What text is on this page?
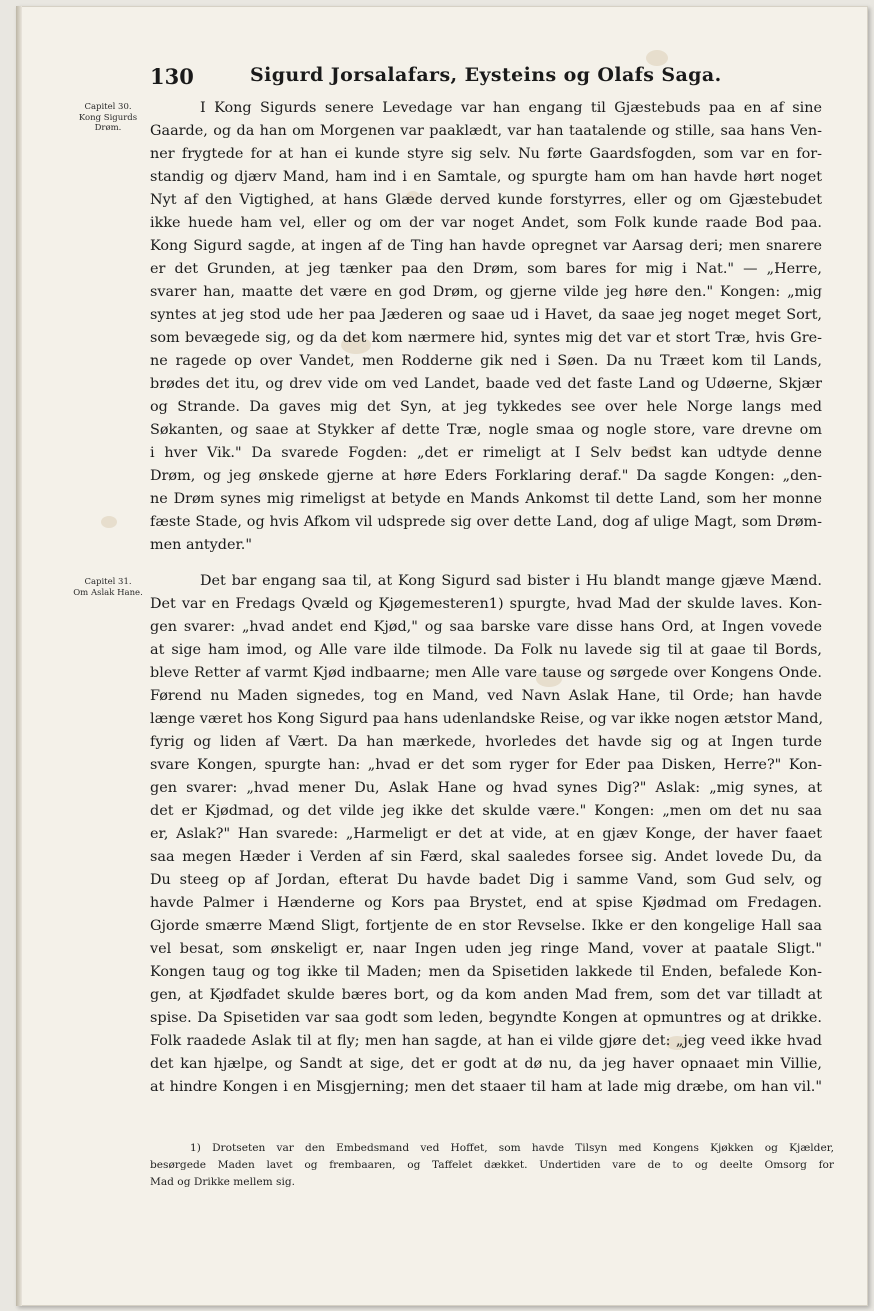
130	Sigurd Jorsalafars, Eysteins og Olafs Saga.
Capitel 30.
Kong Sigurds
Drøm.
Capitel 31.
Om Aslak Hane.
I Kong Sigurds senere Levedage var han engang til Gjæstebuds paa en af sine
Gaarde, og da han om Morgenen var paaklædt, var han taatalende og stille, saa hans Ven-
ner frygtede for at han ei kunde styre sig selv. Nu førte Gaardsfogden, som var en for-
standig og djærv Mand, ham ind i en Samtale, og spurgte ham om han havde hørt noget
Nyt af den Vigtighed, at hans Glæde derved kunde forstyrres, eller og om Gjæstebudet
ikke huede ham vel, eller og om der var noget Andet, som Folk kunde raade Bod paa.
Kong Sigurd sagde, at ingen af de Ting han havde opregnet var Aarsag deri; men snarere
er det Grunden, at jeg tænker paa den Drøm, som bares for mig i Nat." — „Herre,
svarer han, maatte det være en god Drøm, og gjerne vilde jeg høre den." Kongen: „mig
syntes at jeg stod ude her paa Jæderen og saae ud i Havet, da saae jeg noget meget Sort,
som bevægede sig, og da det kom nærmere hid, syntes mig det var et stort Træ, hvis Gre-
ne ragede op over Vandet, men Rodderne gik ned i Søen. Da nu Træet kom til Lands,
brødes det itu, og drev vide om ved Landet, baade ved det faste Land og Udøerne, Skjær
og Strande. Da gaves mig det Syn, at jeg tykkedes see over hele Norge langs med
Søkanten, og saae at Stykker af dette Træ, nogle smaa og nogle store, vare drevne om
i hver Vik." Da svarede Fogden: „det er rimeligt at I Selv bedst kan udtyde denne
Drøm, og jeg ønskede gjerne at høre Eders Forklaring deraf." Da sagde Kongen: „den-
ne Drøm synes mig rimeligst at betyde en Mands Ankomst til dette Land, som her monne
fæste Stade, og hvis Afkom vil udsprede sig over dette Land, dog af ulige Magt, som Drøm-
men antyder."
Det bar engang saa til, at Kong Sigurd sad bister i Hu blandt mange gjæve Mænd.
Det var en Fredags Qvæld og Kjøgemesteren1) spurgte, hvad Mad der skulde laves. Kon-
gen svarer: „hvad andet end Kjød," og saa barske vare disse hans Ord, at Ingen vovede
at sige ham imod, og Alle vare ilde tilmode. Da Folk nu lavede sig til at gaae til Bords,
bleve Retter af varmt Kjød indbaarne; men Alle vare tause og sørgede over Kongens Onde.
Førend nu Maden signedes, tog en Mand, ved Navn Aslak Hane, til Orde; han havde
længe været hos Kong Sigurd paa hans udenlandske Reise, og var ikke nogen ætstor Mand,
fyrig og liden af Vært. Da han mærkede, hvorledes det havde sig og at Ingen turde
svare Kongen, spurgte han: „hvad er det som ryger for Eder paa Disken, Herre?" Kon-
gen svarer: „hvad mener Du, Aslak Hane og hvad synes Dig?" Aslak: „mig synes, at
det er Kjødmad, og det vilde jeg ikke det skulde være." Kongen: „men om det nu saa
er, Aslak?" Han svarede: „Harmeligt er det at vide, at en gjæv Konge, der haver faaet
saa megen Hæder i Verden af sin Færd, skal saaledes forsee sig. Andet lovede Du, da
Du steeg op af Jordan, efterat Du havde badet Dig i samme Vand, som Gud selv, og
havde Palmer i Hænderne og Kors paa Brystet, end at spise Kjødmad om Fredagen.
Gjorde smærre Mænd Sligt, fortjente de en stor Revselse. Ikke er den kongelige Hall saa
vel besat, som ønskeligt er, naar Ingen uden jeg ringe Mand, vover at paatale Sligt."
Kongen taug og tog ikke til Maden; men da Spisetiden lakkede til Enden, befalede Kon-
gen, at Kjødfadet skulde bæres bort, og da kom anden Mad frem, som det var tilladt at
spise. Da Spisetiden var saa godt som leden, begyndte Kongen at opmuntres og at drikke.
Folk raadede Aslak til at fly; men han sagde, at han ei vilde gjøre det: „jeg veed ikke hvad
det kan hjælpe, og Sandt at sige, det er godt at dø nu, da jeg haver opnaaet min Villie,
at hindre Kongen i en Misgjerning; men det staaer til ham at lade mig dræbe, om han vil."
1) Drotseten var den Embedsmand ved Hoffet, som havde Tilsyn med Kongens Kjøkken og Kjælder,
besørgede Maden lavet og frembaaren, og Taffelet dækket. Undertiden vare de to og deelte Omsorg for
Mad og Drikke mellem sig.
